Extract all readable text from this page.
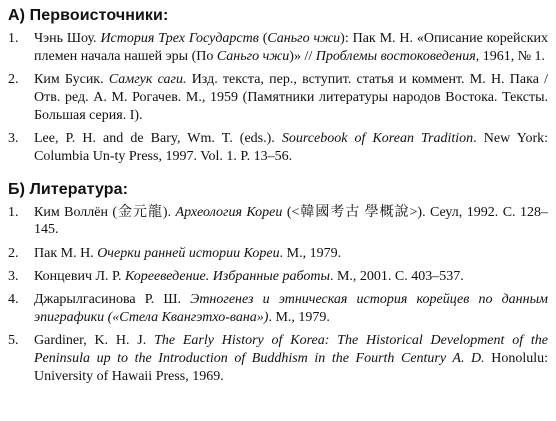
А) Первоисточники:
1.	Чэнь Шоу. История Трех Государств (Саньго чжи): Пак М. Н. «Описание корейских племен начала нашей эры (По Саньго чжи)» // Проблемы востоковедения, 1961, № 1.
2.	Ким Бусик. Самгук саги. Изд. текста, пер., вступит. статья и коммент. М. Н. Пака / Отв. ред. А. М. Рогачев. М., 1959 (Памятники литературы народов Востока. Тексты. Большая серия. I).
3.	Lee, P. H. and de Bary, Wm. T. (eds.). Sourcebook of Korean Tradition. New York: Columbia Un-ty Press, 1997. Vol. 1. P. 13–56.
Б) Литература:
1.	Ким Воллён (金元龍). Археология Кореи (<韓國考古 學概說>). Сеул, 1992. С. 128–145.
2.	Пак М. Н. Очерки ранней истории Кореи. М., 1979.
3.	Концевич Л. Р. Корееведение. Избранные работы. М., 2001. С. 403–537.
4.	Джарылгасинова Р. Ш. Этногенез и этническая история корейцев по данным эпиграфики («Стела Квангэтхо-вана»). М., 1979.
5.	Gardiner, K. H. J. The Early History of Korea: The Historical Development of the Peninsula up to the Introduction of Buddhism in the Fourth Century A. D. Honolulu: University of Hawaii Press, 1969.
